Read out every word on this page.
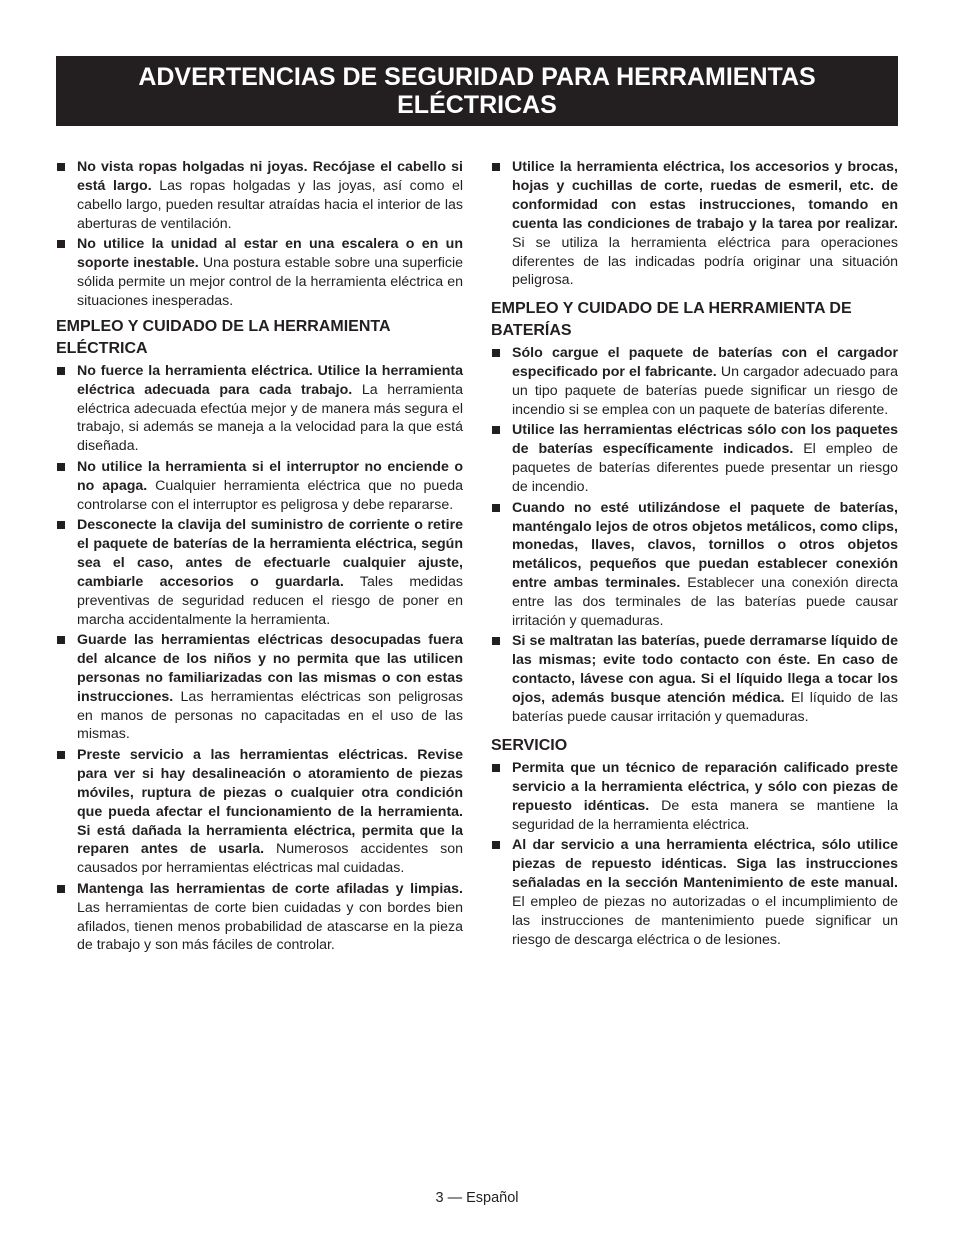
ADVERTENCIAS DE SEGURIDAD PARA HERRAMIENTAS
ELÉCTRICAS
No vista ropas holgadas ni joyas. Recójase el cabello si está largo. Las ropas holgadas y las joyas, así como el cabello largo, pueden resultar atraídas hacia el interior de las aberturas de ventilación.
No utilice la unidad al estar en una escalera o en un soporte inestable. Una postura estable sobre una superficie sólida permite un mejor control de la herramienta eléctrica en situaciones inesperadas.
EMPLEO Y CUIDADO DE LA HERRAMIENTA ELÉCTRICA
No fuerce la herramienta eléctrica. Utilice la herramienta eléctrica adecuada para cada trabajo. La herramienta eléctrica adecuada efectúa mejor y de manera más segura el trabajo, si además se maneja a la velocidad para la que está diseñada.
No utilice la herramienta si el interruptor no enciende o no apaga. Cualquier herramienta eléctrica que no pueda controlarse con el interruptor es peligrosa y debe repararse.
Desconecte la clavija del suministro de corriente o retire el paquete de baterías de la herramienta eléctrica, según sea el caso, antes de efectuarle cualquier ajuste, cambiarle accesorios o guardarla. Tales medidas preventivas de seguridad reducen el riesgo de poner en marcha accidentalmente la herramienta.
Guarde las herramientas eléctricas desocupadas fuera del alcance de los niños y no permita que las utilicen personas no familiarizadas con las mismas o con estas instrucciones. Las herramientas eléctricas son peligrosas en manos de personas no capacitadas en el uso de las mismas.
Preste servicio a las herramientas eléctricas. Revise para ver si hay desalineación o atoramiento de piezas móviles, ruptura de piezas o cualquier otra condición que pueda afectar el funcionamiento de la herramienta. Si está dañada la herramienta eléctrica, permita que la reparen antes de usarla. Numerosos accidentes son causados por herramientas eléctricas mal cuidadas.
Mantenga las herramientas de corte afiladas y limpias. Las herramientas de corte bien cuidadas y con bordes bien afilados, tienen menos probabilidad de atascarse en la pieza de trabajo y son más fáciles de controlar.
Utilice la herramienta eléctrica, los accesorios y brocas, hojas y cuchillas de corte, ruedas de esmeril, etc. de conformidad con estas instrucciones, tomando en cuenta las condiciones de trabajo y la tarea por realizar. Si se utiliza la herramienta eléctrica para operaciones diferentes de las indicadas podría originar una situación peligrosa.
EMPLEO Y CUIDADO DE LA HERRAMIENTA DE BATERÍAS
Sólo cargue el paquete de baterías con el cargador especificado por el fabricante. Un cargador adecuado para un tipo paquete de baterías puede significar un riesgo de incendio si se emplea con un paquete de baterías diferente.
Utilice las herramientas eléctricas sólo con los paquetes de baterías específicamente indicados. El empleo de paquetes de baterías diferentes puede presentar un riesgo de incendio.
Cuando no esté utilizándose el paquete de baterías, manténgalo lejos de otros objetos metálicos, como clips, monedas, llaves, clavos, tornillos o otros objetos metálicos, pequeños que puedan establecer conexión entre ambas terminales. Establecer una conexión directa entre las dos terminales de las baterías puede causar irritación y quemaduras.
Si se maltratan las baterías, puede derramarse líquido de las mismas; evite todo contacto con éste. En caso de contacto, lávese con agua. Si el líquido llega a tocar los ojos, además busque atención médica. El líquido de las baterías puede causar irritación y quemaduras.
SERVICIO
Permita que un técnico de reparación calificado preste servicio a la herramienta eléctrica, y sólo con piezas de repuesto idénticas. De esta manera se mantiene la seguridad de la herramienta eléctrica.
Al dar servicio a una herramienta eléctrica, sólo utilice piezas de repuesto idénticas. Siga las instrucciones señaladas en la sección Mantenimiento de este manual. El empleo de piezas no autorizadas o el incumplimiento de las instrucciones de mantenimiento puede significar un riesgo de descarga eléctrica o de lesiones.
3 — Español
